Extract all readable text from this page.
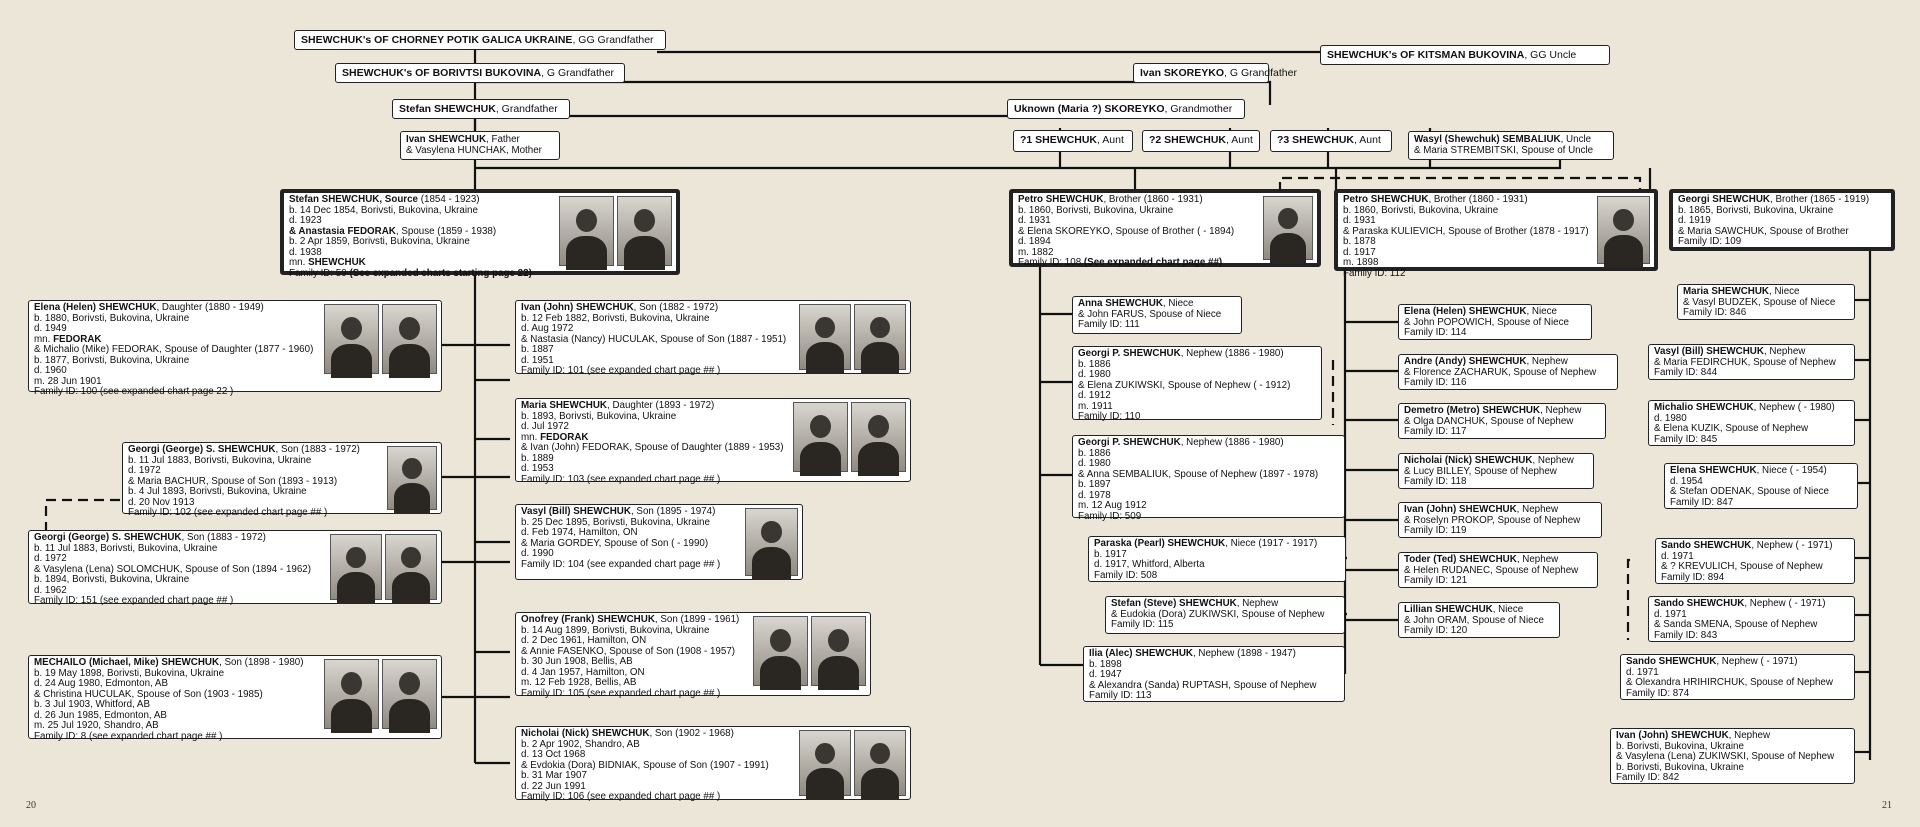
SHEWCHUK's OF CHORNEY POTIK GALICA UKRAINE, GG Grandfather
SHEWCHUK's OF KITSMAN BUKOVINA, GG Uncle
SHEWCHUK's OF BORIVTSI BUKOVINA, G Grandfather	Ivan SKOREYKO, G Grandfather
Stefan SHEWCHUK, Grandfather	Uknown (Maria ?) SKOREYKO, Grandmother
?1 SHEWCHUK, Aunt	?2 SHEWCHUK, Aunt	?3 SHEWCHUK, Aunt
Ivan SHEWCHUK, Father
& Vasylena HUNCHAK, Mother
Wasyl (Shewchuk) SEMBALIUK, Uncle
& Maria STREMBITSKI, Spouse of Uncle
Stefan SHEWCHUK, Source (1854 - 1923)
b. 14 Dec 1854, Borivsti, Bukovina, Ukraine
d. 1923
& Anastasia FEDORAK, Spouse (1859 - 1938)
b. 2 Apr 1859, Borivsti, Bukovina, Ukraine
d. 1938
mn. SHEWCHUK
Family ID: 59 (See expanded charts starting page 22)
Petro SHEWCHUK, Brother (1860 - 1931)
b. 1860, Borivsti, Bukovina, Ukraine
d. 1931
& Elena SKOREYKO, Spouse of Brother ( - 1894)
d. 1894
m. 1882
Family ID: 108 (See expanded chart page ##)
Petro SHEWCHUK, Brother (1860 - 1931)
b. 1860, Borivsti, Bukovina, Ukraine
d. 1931
& Paraska KULIEVICH, Spouse of Brother (1878 - 1917)
b. 1878
d. 1917
m. 1898
Family ID: 112
Georgi SHEWCHUK, Brother (1865 - 1919)
b. 1865, Borivsti, Bukovina, Ukraine
d. 1919
& Maria SAWCHUK, Spouse of Brother
Family ID: 109
Elena (Helen) SHEWCHUK, Daughter (1880 - 1949)
b. 1880, Borivsti, Bukovina, Ukraine
d. 1949
mn. FEDORAK
& Michalio (Mike) FEDORAK, Spouse of Daughter (1877 - 1960)
b. 1877, Borivsti, Bukovina, Ukraine
d. 1960
m. 28 Jun 1901
Family ID: 100 (see expanded chart page 22 )
Georgi (George) S. SHEWCHUK, Son (1883 - 1972)
b. 11 Jul 1883, Borivsti, Bukovina, Ukraine
d. 1972
& Maria BACHUR, Spouse of Son (1893 - 1913)
b. 4 Jul 1893, Borivsti, Bukovina, Ukraine
d. 20 Nov 1913
Family ID: 102 (see expanded chart page ## )
Georgi (George) S. SHEWCHUK, Son (1883 - 1972)
b. 11 Jul 1883, Borivsti, Bukovina, Ukraine
d. 1972
& Vasylena (Lena) SOLOMCHUK, Spouse of Son (1894 - 1962)
b. 1894, Borivsti, Bukovina, Ukraine
d. 1962
Family ID: 151 (see expanded chart page ## )
MECHAILO (Michael, Mike) SHEWCHUK, Son (1898 - 1980)
b. 19 May 1898, Borivsti, Bukovina, Ukraine
d. 24 Aug 1980, Edmonton, AB
& Christina HUCULAK, Spouse of Son (1903 - 1985)
b. 3 Jul 1903, Whitford, AB
d. 26 Jun 1985, Edmonton, AB
m. 25 Jul 1920, Shandro, AB
Family ID: 8 (see expanded chart page ## )
Ivan (John) SHEWCHUK, Son (1882 - 1972)
b. 12 Feb 1882, Borivsti, Bukovina, Ukraine
d. Aug 1972
& Nastasia (Nancy) HUCULAK, Spouse of Son (1887 - 1951)
b. 1887
d. 1951
Family ID: 101 (see expanded chart page ## )
Maria SHEWCHUK, Daughter (1893 - 1972)
b. 1893, Borivsti, Bukovina, Ukraine
d. Jul 1972
mn. FEDORAK
& Ivan (John) FEDORAK, Spouse of Daughter (1889 - 1953)
b. 1889
d. 1953
Family ID: 103 (see expanded chart page ## )
Vasyl (Bill) SHEWCHUK, Son (1895 - 1974)
b. 25 Dec 1895, Borivsti, Bukovina, Ukraine
d. Feb 1974, Hamilton, ON
& Maria GORDEY, Spouse of Son ( - 1990)
d. 1990
Family ID: 104 (see expanded chart page ## )
Onofrey (Frank) SHEWCHUK, Son (1899 - 1961)
b. 14 Aug 1899, Borivsti, Bukovina, Ukraine
d. 2 Dec 1961, Hamilton, ON
& Annie FASENKO, Spouse of Son (1908 - 1957)
b. 30 Jun 1908, Bellis, AB
d. 4 Jan 1957, Hamilton, ON
m. 12 Feb 1928, Bellis, AB
Family ID: 105 (see expanded chart page ## )
Nicholai (Nick) SHEWCHUK, Son (1902 - 1968)
b. 2 Apr 1902, Shandro, AB
d. 13 Oct 1968
& Evdokia (Dora) BIDNIAK, Spouse of Son (1907 - 1991)
b. 31 Mar 1907
d. 22 Jun 1991
Family ID: 106 (see expanded chart page ## )
Anna SHEWCHUK, Niece
& John FARUS, Spouse of Niece
Family ID: 111
Georgi P. SHEWCHUK, Nephew (1886 - 1980)
b. 1886
d. 1980
& Elena ZUKIWSKI, Spouse of Nephew ( - 1912)
d. 1912
m. 1911
Family ID: 110
Georgi P. SHEWCHUK, Nephew (1886 - 1980)
b. 1886
d. 1980
& Anna SEMBALIUK, Spouse of Nephew (1897 - 1978)
b. 1897
d. 1978
m. 12 Aug 1912
Family ID: 509
Paraska (Pearl) SHEWCHUK, Niece (1917 - 1917)
b. 1917
d. 1917, Whitford, Alberta
Family ID: 508
Stefan (Steve) SHEWCHUK, Nephew
& Eudokia (Dora) ZUKIWSKI, Spouse of Nephew
Family ID: 115
Ilia (Alec) SHEWCHUK, Nephew (1898 - 1947)
b. 1898
d. 1947
& Alexandra (Sanda) RUPTASH, Spouse of Nephew
Family ID: 113
Elena (Helen) SHEWCHUK, Niece
& John POPOWICH, Spouse of Niece
Family ID: 114
Andre (Andy) SHEWCHUK, Nephew
& Florence ZACHARUK, Spouse of Nephew
Family ID: 116
Demetro (Metro) SHEWCHUK, Nephew
& Olga DANCHUK, Spouse of Nephew
Family ID: 117
Nicholai (Nick) SHEWCHUK, Nephew
& Lucy BILLEY, Spouse of Nephew
Family ID: 118
Ivan (John) SHEWCHUK, Nephew
& Roselyn PROKOP, Spouse of Nephew
Family ID: 119
Toder (Ted) SHEWCHUK, Nephew
& Helen RUDANEC, Spouse of Nephew
Family ID: 121
Lillian SHEWCHUK, Niece
& John ORAM, Spouse of Niece
Family ID: 120
Maria SHEWCHUK, Niece
& Vasyl BUDZEK, Spouse of Niece
Family ID: 846
Vasyl (Bill) SHEWCHUK, Nephew
& Maria FEDIRCHUK, Spouse of Nephew
Family ID: 844
Michalio SHEWCHUK, Nephew ( - 1980)
d. 1980
& Elena KUZIK, Spouse of Nephew
Family ID: 845
Elena SHEWCHUK, Niece ( - 1954)
d. 1954
& Stefan ODENAK, Spouse of Niece
Family ID: 847
Sando SHEWCHUK, Nephew ( - 1971)
d. 1971
& ? KREVULICH, Spouse of Nephew
Family ID: 894
Sando SHEWCHUK, Nephew ( - 1971)
d. 1971
& Sanda SMENA, Spouse of Nephew
Family ID: 843
Sando SHEWCHUK, Nephew ( - 1971)
d. 1971
& Olexandra HRIHIRCHUK, Spouse of Nephew
Family ID: 874
Ivan (John) SHEWCHUK, Nephew
b. Borivsti, Bukovina, Ukraine
& Vasylena (Lena) ZUKIWSKI, Spouse of Nephew
b. Borivsti, Bukovina, Ukraine
Family ID: 842
20	21
